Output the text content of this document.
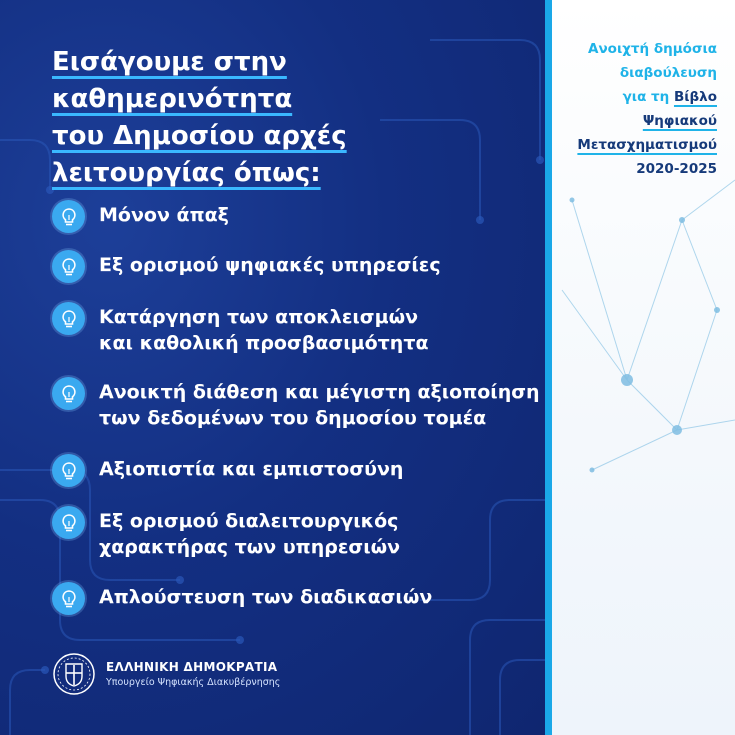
Εισάγουμε στην καθημερινότητα
του Δημοσίου αρχές
λειτουργίας όπως:
Μόνον άπαξ
Εξ ορισμού ψηφιακές υπηρεσίες
Κατάργηση των αποκλεισμών
και καθολική προσβασιμότητα
Ανοικτή διάθεση και μέγιστη αξιοποίηση
των δεδομένων του δημοσίου τομέα
Αξιοπιστία και εμπιστοσύνη
Εξ ορισμού διαλειτουργικός
χαρακτήρας των υπηρεσιών
Απλούστευση των διαδικασιών
ΕΛΛΗΝΙΚΗ ΔΗΜΟΚΡΑΤΙΑ
Υπουργείο Ψηφιακής Διακυβέρνησης
Ανοιχτή δημόσια
διαβούλευση
για τη Βίβλο
Ψηφιακού
Μετασχηματισμού
2020-2025
